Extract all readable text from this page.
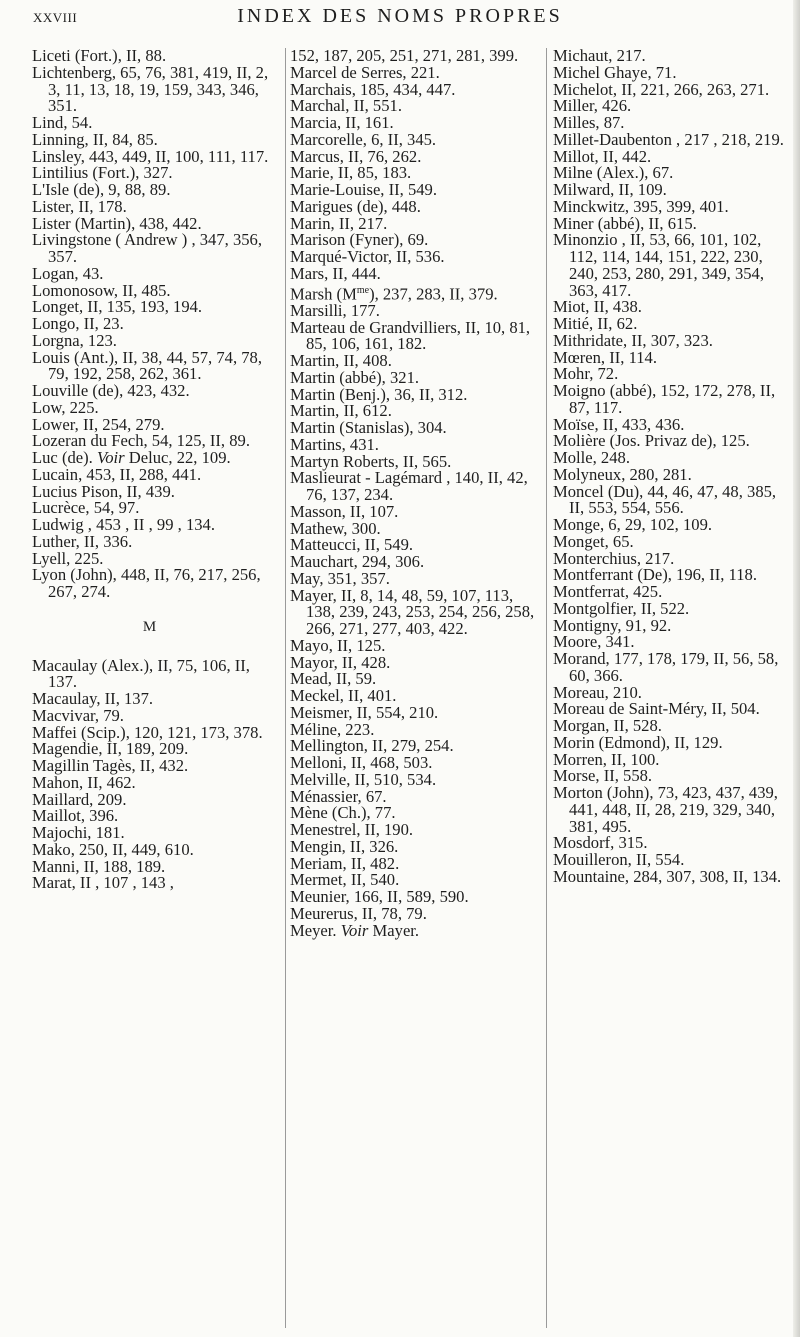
XXVIII	INDEX DES NOMS PROPRES

Liceti (Fort.), II, 88.

Lichtenberg, 65, 76, 381, 419, II, 2, 3, 11, 13, 18, 19, 159, 343, 346, 351.

Lind, 54.

Linning, II, 84, 85.

Linsley, 443, 449, II, 100, 111, 117.

Lintilius (Fort.), 327.

L'Isle (de), 9, 88, 89.

Lister, II, 178.

Lister (Martin), 438, 442.

Livingstone ( Andrew ) , 347, 356, 357.

Logan, 43.

Lomonosow, II, 485.

Longet, II, 135, 193, 194.

Longo, II, 23.

Lorgna, 123.

Louis (Ant.), II, 38, 44, 57, 74, 78, 79, 192, 258, 262, 361.

Louville (de), 423, 432.

Low, 225.

Lower, II, 254, 279.

Lozeran du Fech, 54, 125, II, 89.

Luc (de). Voir Deluc, 22, 109.

Lucain, 453, II, 288, 441.

Lucius Pison, II, 439.

Lucrèce, 54, 97.

Ludwig , 453 , II , 99 , 134.

Luther, II, 336.

Lyell, 225.

Lyon (John), 448, II, 76, 217, 256, 267, 274.

M

Macaulay (Alex.), II, 75, 106, II, 137.

Macaulay, II, 137.

Macvivar, 79.

Maffei (Scip.), 120, 121, 173, 378.

Magendie, II, 189, 209.

Magillin Tagès, II, 432.

Mahon, II, 462.

Maillard, 209.

Maillot, 396.

Majochi, 181.

Mako, 250, II, 449, 610.

Manni, II, 188, 189.

Marat, II , 107 , 143 ,

152, 187, 205, 251, 271, 281, 399.

Marcel de Serres, 221.

Marchais, 185, 434, 447.

Marchal, II, 551.

Marcia, II, 161.

Marcorelle, 6, II, 345.

Marcus, II, 76, 262.

Marie, II, 85, 183.

Marie-Louise, II, 549.

Marigues (de), 448.

Marin, II, 217.

Marison (Fyner), 69.

Marqué-Victor, II, 536.

Mars, II, 444.

Marsh $(M^{me})$, 237, 283, II, 379.

Marsilli, 177.

Marteau de Grandvilliers, II, 10, 81, 85, 106, 161, 182.

Martin, II, 408.

Martin (abbé), 321.

Martin (Benj.), 36, II, 312.

Martin, II, 612.

Martin (Stanislas), 304.

Martins, 431.

Martyn Roberts, II, 565.

Maslieurat - Lagémard , 140, II, 42, 76, 137, 234.

Masson, II, 107.

Mathew, 300.

Matteucci, II, 549.

Mauchart, 294, 306.

May, 351, 357.

Mayer, II, 8, 14, 48, 59, 107, 113, 138, 239, 243, 253, 254, 256, 258, 266, 271, 277, 403, 422.

Mayo, II, 125.

Mayor, II, 428.

Mead, II, 59.

Meckel, II, 401.

Meismer, II, 554, 210.

Méline, 223.

Mellington, II, 279, 254.

Melloni, II, 468, 503.

Melville, II, 510, 534.

Ménassier, 67.

Mène (Ch.), 77.

Menestrel, II, 190.

Mengin, II, 326.

Meriam, II, 482.

Mermet, II, 540.

Meunier, 166, II, 589, 590.

Meurerus, II, 78, 79.

Meyer. Voir Mayer.

Michaut, 217.

Michel Ghaye, 71.

Michelot, II, 221, 266, 263, 271.

Miller, 426.

Milles, 87.

Millet-Daubenton , 217 , 218, 219.

Millot, II, 442.

Milne (Alex.), 67.

Milward, II, 109.

Minckwitz, 395, 399, 401.

Miner (abbé), II, 615.

Minonzio , II, 53, 66, 101, 102, 112, 114, 144, 151, 222, 230, 240, 253, 280, 291, 349, 354, 363, 417.

Miot, II, 438.

Mitié, II, 62.

Mithridate, II, 307, 323.

Mœren, II, 114.

Mohr, 72.

Moigno (abbé), 152, 172, 278, II, 87, 117.

Moïse, II, 433, 436.

Molière (Jos. Privaz de), 125.

Molle, 248.

Molyneux, 280, 281.

Moncel (Du), 44, 46, 47, 48, 385, II, 553, 554, 556.

Monge, 6, 29, 102, 109.

Monget, 65.

Monterchius, 217.

Montferrant (De), 196, II, 118.

Montferrat, 425.

Montgolfier, II, 522.

Montigny, 91, 92.

Moore, 341.

Morand, 177, 178, 179, II, 56, 58, 60, 366.

Moreau, 210.

Moreau de Saint-Méry, II, 504.

Morgan, II, 528.

Morin (Edmond), II, 129.

Morren, II, 100.

Morse, II, 558.

Morton (John), 73, 423, 437, 439, 441, 448, II, 28, 219, 329, 340, 381, 495.

Mosdorf, 315.

Mouilleron, II, 554.

Mountaine, 284, 307, 308, II, 134.
